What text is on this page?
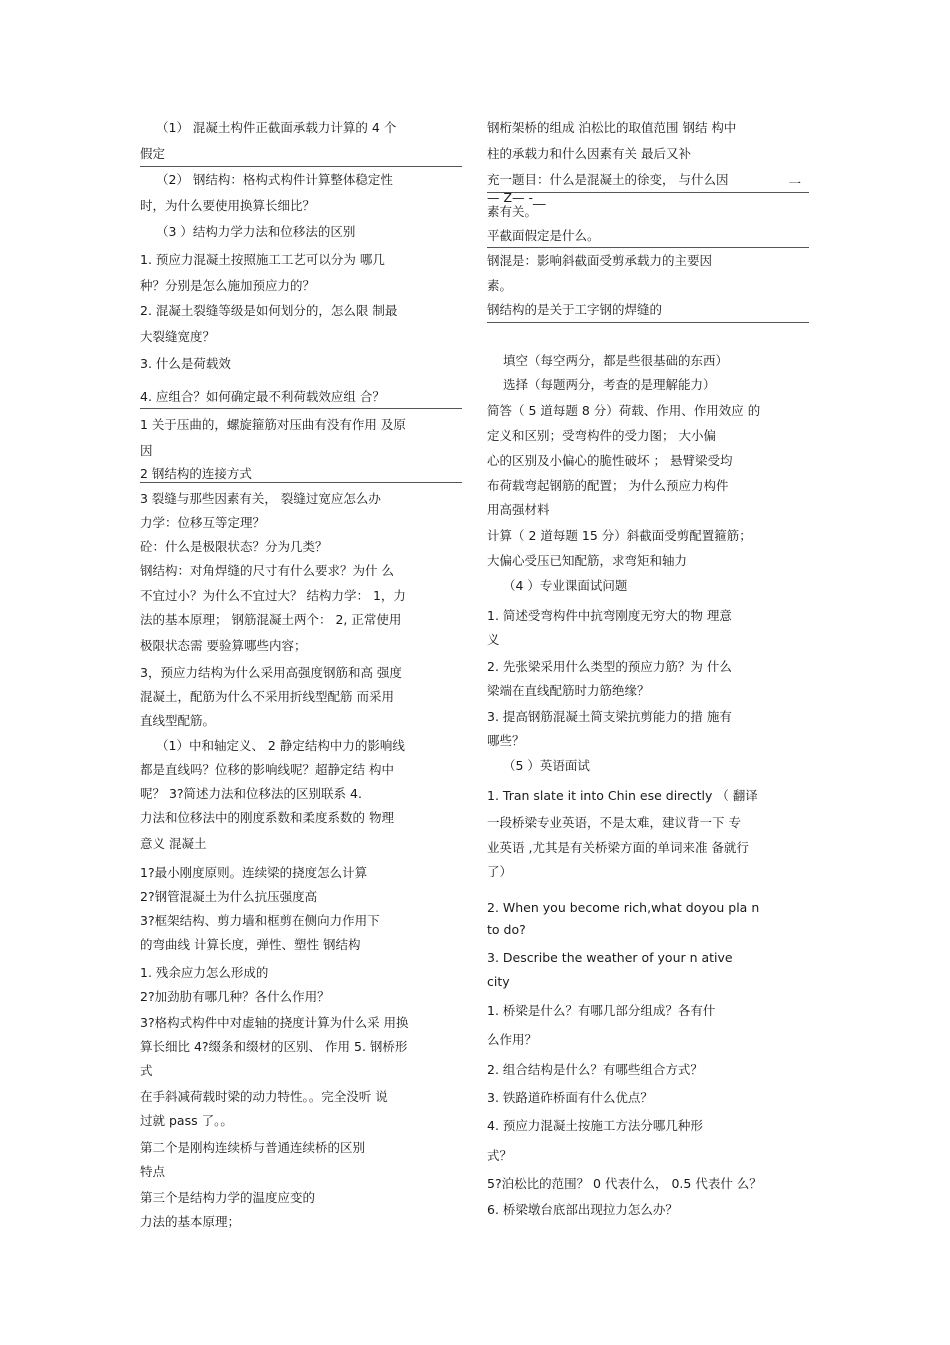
（1） 混凝土构件正截面承载力计算的 4 个
假定
（2） 钢结构：格构式构件计算整体稳定性
时，为什么要使用换算长细比？
（3 ）结构力学力法和位移法的区别
1. 预应力混凝土按照施工工艺可以分为 哪几
种？分别是怎么施加预应力的？
2. 混凝土裂缝等级是如何划分的，怎么限 制最
大裂缝宽度？
3. 什么是荷载效
4. 应组合？如何确定最不利荷载效应组 合？
1 关于压曲的，螺旋箍筋对压曲有没有作用 及原
因
2 钢结构的连接方式
3 裂缝与那些因素有关， 裂缝过宽应怎么办
力学：位移互等定理？
砼：什么是极限状态？分为几类？
钢结构：对角焊缝的尺寸有什么要求？为什 么
不宜过小？为什么不宜过大？ 结构力学： 1，力
法的基本原理； 钢筋混凝土两个： 2, 正常使用
极限状态需 要验算哪些内容；
3，预应力结构为什么采用高强度钢筋和高 强度
混凝土，配筋为什么不采用折线型配筋 而采用
直线型配筋。
（1）中和轴定义、 2 静定结构中力的影响线
都是直线吗？位移的影响线呢？超静定结 构中
呢？ 3?简述力法和位移法的区别联系 4.
力法和位移法中的刚度系数和柔度系数的 物理
意义 混凝土
1?最小刚度原则。连续梁的挠度怎么计算
2?钢管混凝土为什么抗压强度高
3?框架结构、剪力墙和框剪在侧向力作用下
的弯曲线 计算长度，弹性、塑性 钢结构
1. 残余应力怎么形成的
2?加劲肋有哪几种？各什么作用？
3?格构式构件中对虚轴的挠度计算为什么采 用换
算长细比 4?缀条和缀材的区别、 作用 5. 钢桥形
式
在手斜减荷载时梁的动力特性。。完全没听 说
过就 pass 了。。
第二个是刚构连续桥与普通连续桥的区别
特点
第三个是结构力学的温度应变的
力法的基本原理；
钢桁架桥的组成 泊松比的取值范围 钢结 构中
柱的承载力和什么因素有关 最后又补
充一题目：什么是混凝土的徐变， 与什么因
— Z— -__
素有关。
平截面假定是什么。
钢混是：影响斜截面受剪承载力的主要因
素。
钢结构的是关于工字钢的焊缝的
填空（每空两分，都是些很基础的东西）
选择（每题两分，考查的是理解能力）
简答（ 5 道每题 8 分）荷载、作用、作用效应 的
定义和区别；受弯构件的受力图； 大小偏
心的区别及小偏心的脆性破坏 ； 悬臂梁受均
布荷载弯起钢筋的配置； 为什么预应力构件
用高强材料
计算（ 2 道每题 15 分）斜截面受剪配置箍筋；
大偏心受压已知配筋，求弯矩和轴力
（4 ）专业课面试问题
1. 简述受弯构件中抗弯刚度无穷大的物 理意
义
2. 先张梁采用什么类型的预应力筋？为 什么
梁端在直线配筋时力筋绝缘？
3. 提高钢筋混凝土简支梁抗剪能力的措 施有
哪些？
（5 ）英语面试
1. Tran slate it into Chin ese directly （ 翻译
一段桥梁专业英语，不是太难，建议背一下 专
业英语 ,尤其是有关桥梁方面的单词来准 备就行
了）
2. When you become rich,what doyou pla n
to do?
3. Describe the weather of your n ative
city
1. 桥梁是什么？有哪几部分组成？各有什
么作用？
2. 组合结构是什么？有哪些组合方式？
3. 铁路道砟桥面有什么优点？
4. 预应力混凝土按施工方法分哪几种形
式？
5?泊松比的范围？ 0 代表什么， 0.5 代表什 么？
6. 桥梁墩台底部出现拉力怎么办？
一
